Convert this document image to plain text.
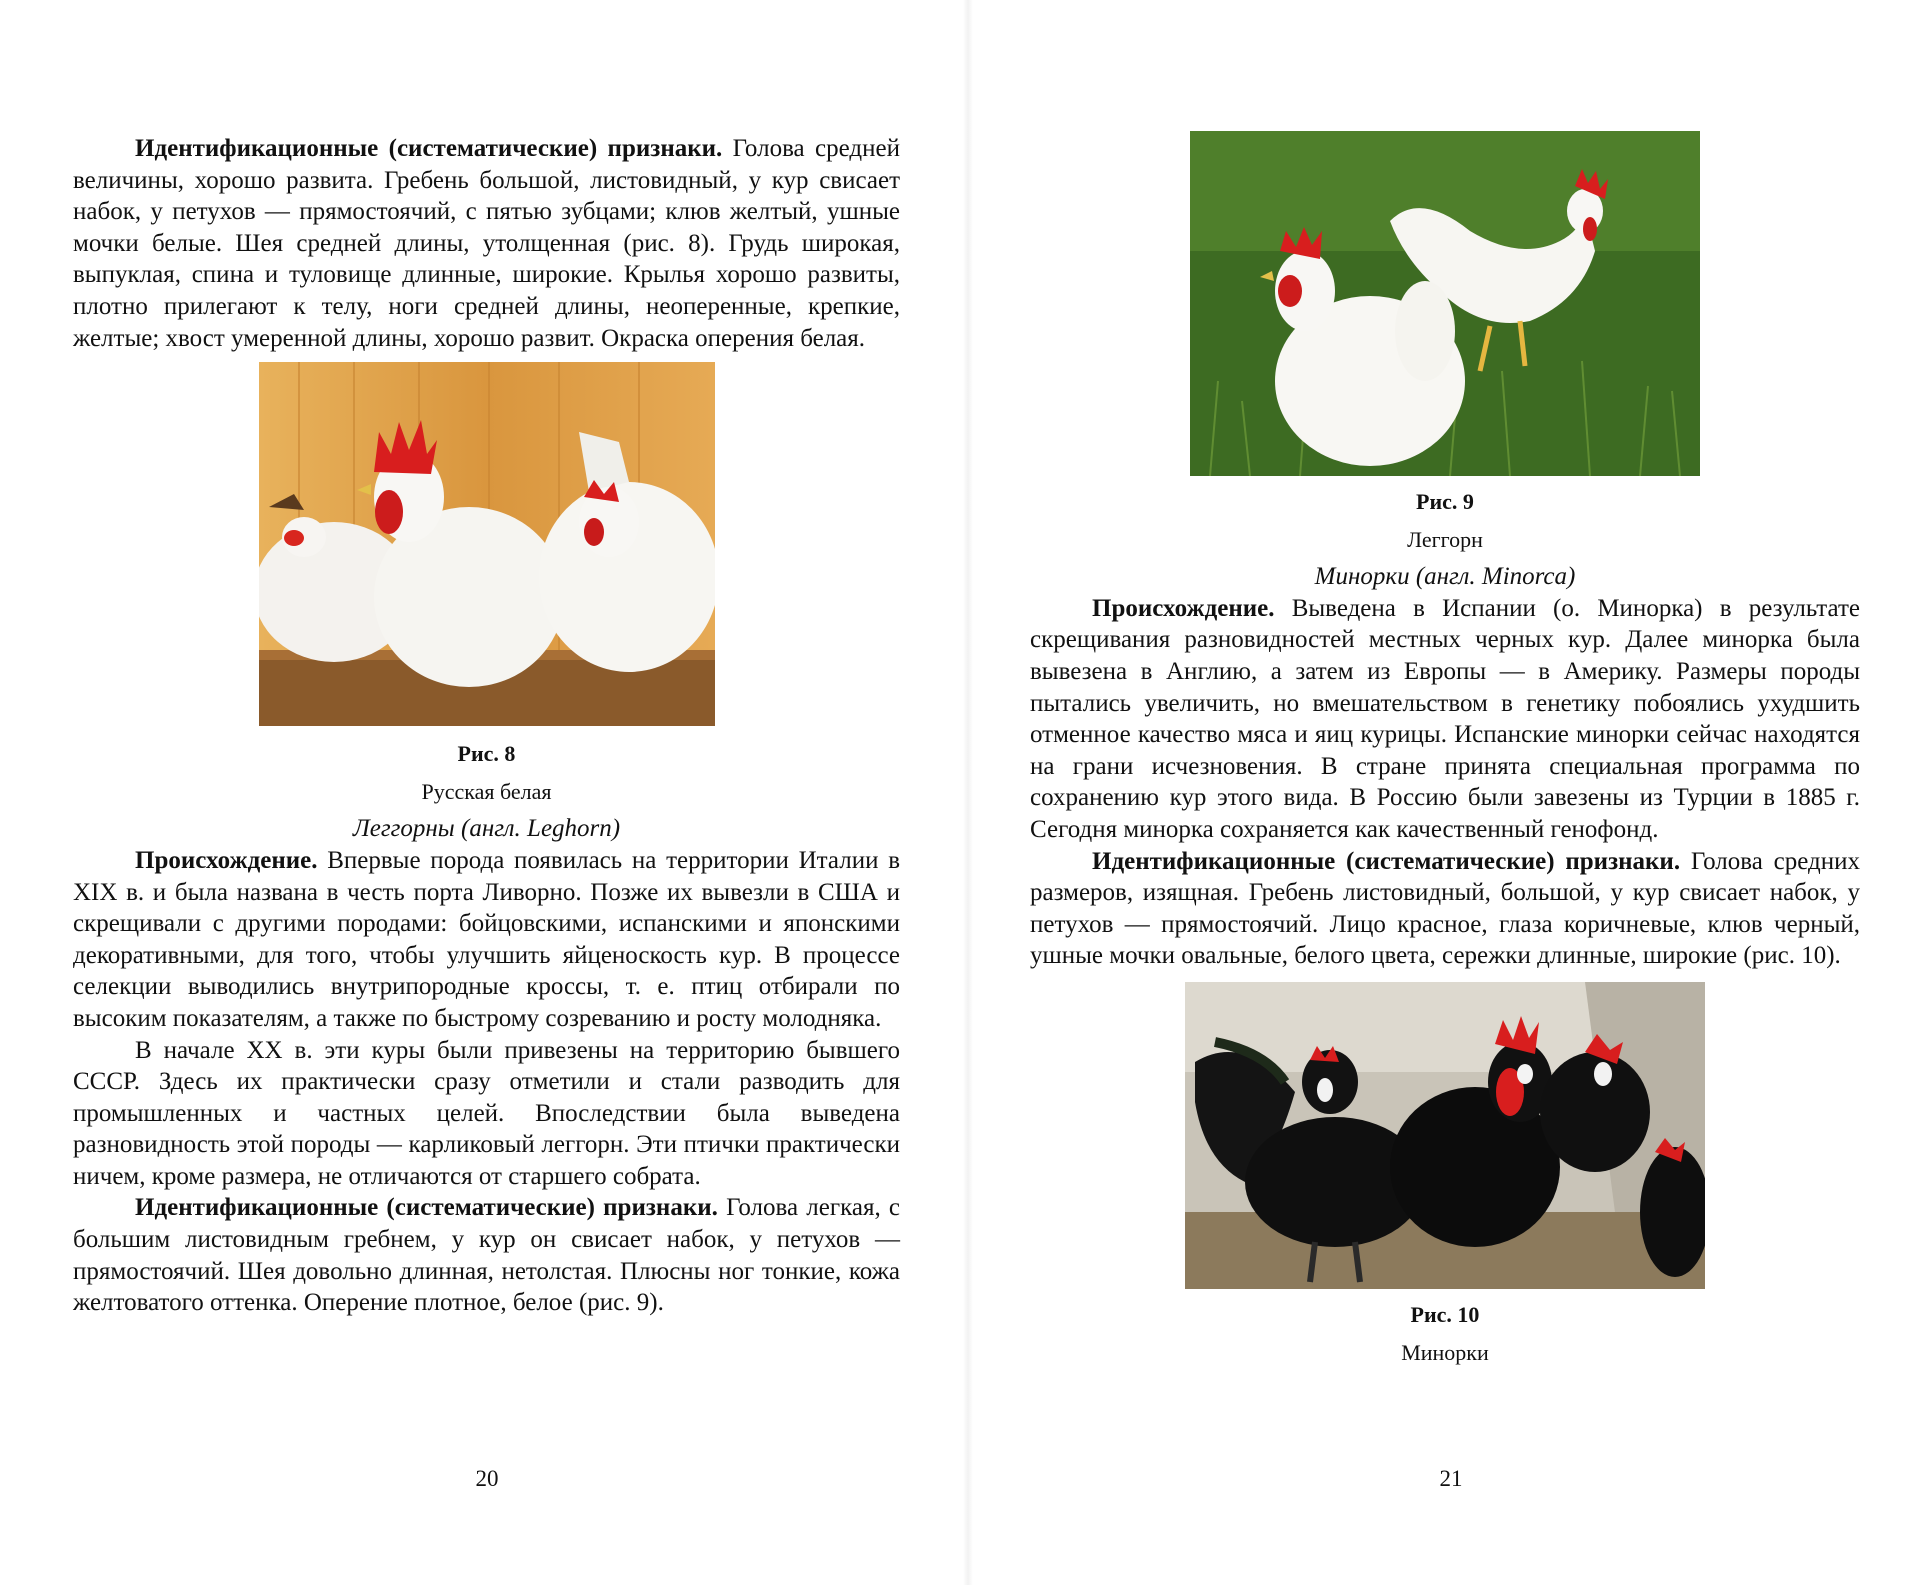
Идентификационные (систематические) признаки. Голова средней величины, хорошо развита. Гребень большой, листовидный, у кур свисает набок, у петухов — прямостоячий, с пятью зубцами; клюв желтый, ушные мочки белые. Шея средней длины, утолщенная (рис. 8). Грудь широкая, выпуклая, спина и туловище длинные, широкие. Крылья хорошо развиты, плотно прилегают к телу, ноги средней длины, неоперенные, крепкие, желтые; хвост умеренной длины, хорошо развит. Окраска оперения белая.

Рис. 8
Русская белая
Леггорны (англ. Leghorn)

Происхождение. Впервые порода появилась на территории Италии в XIX в. и была названа в честь порта Ливорно. Позже их вывезли в США и скрещивали с другими породами: бойцовскими, испанскими и японскими декоративными, для того, чтобы улучшить яйценоскость кур. В процессе селекции выводились внутрипородные кроссы, т. е. птиц отбирали по высоким показателям, а также по быстрому созреванию и росту молодняка.

В начале XX в. эти куры были привезены на территорию бывшего СССР. Здесь их практически сразу отметили и стали разводить для промышленных и частных целей. Впоследствии была выведена разновидность этой породы — карликовый леггорн. Эти птички практически ничем, кроме размера, не отличаются от старшего собрата.

Идентификационные (систематические) признаки. Голова легкая, с большим листовидным гребнем, у кур он свисает набок, у петухов — прямостоячий. Шея довольно длинная, нетолстая. Плюсны ног тонкие, кожа желтоватого оттенка. Оперение плотное, белое (рис. 9).

20
Рис. 9
Леггорн
Минорки (англ. Minorca)

Происхождение. Выведена в Испании (о. Минорка) в результате скрещивания разновидностей местных черных кур. Далее минорка была вывезена в Англию, а затем из Европы — в Америку. Размеры породы пытались увеличить, но вмешательством в генетику побоялись ухудшить отменное качество мяса и яиц курицы. Испанские минорки сейчас находятся на грани исчезновения. В стране принята специальная программа по сохранению кур этого вида. В Россию были завезены из Турции в 1885 г. Сегодня минорка сохраняется как качественный генофонд.

Идентификационные (систематические) признаки. Голова средних размеров, изящная. Гребень листовидный, большой, у кур свисает набок, у петухов — прямостоячий. Лицо красное, глаза коричневые, клюв черный, ушные мочки овальные, белого цвета, сережки длинные, широкие (рис. 10).

Рис. 10
Минорки
21
